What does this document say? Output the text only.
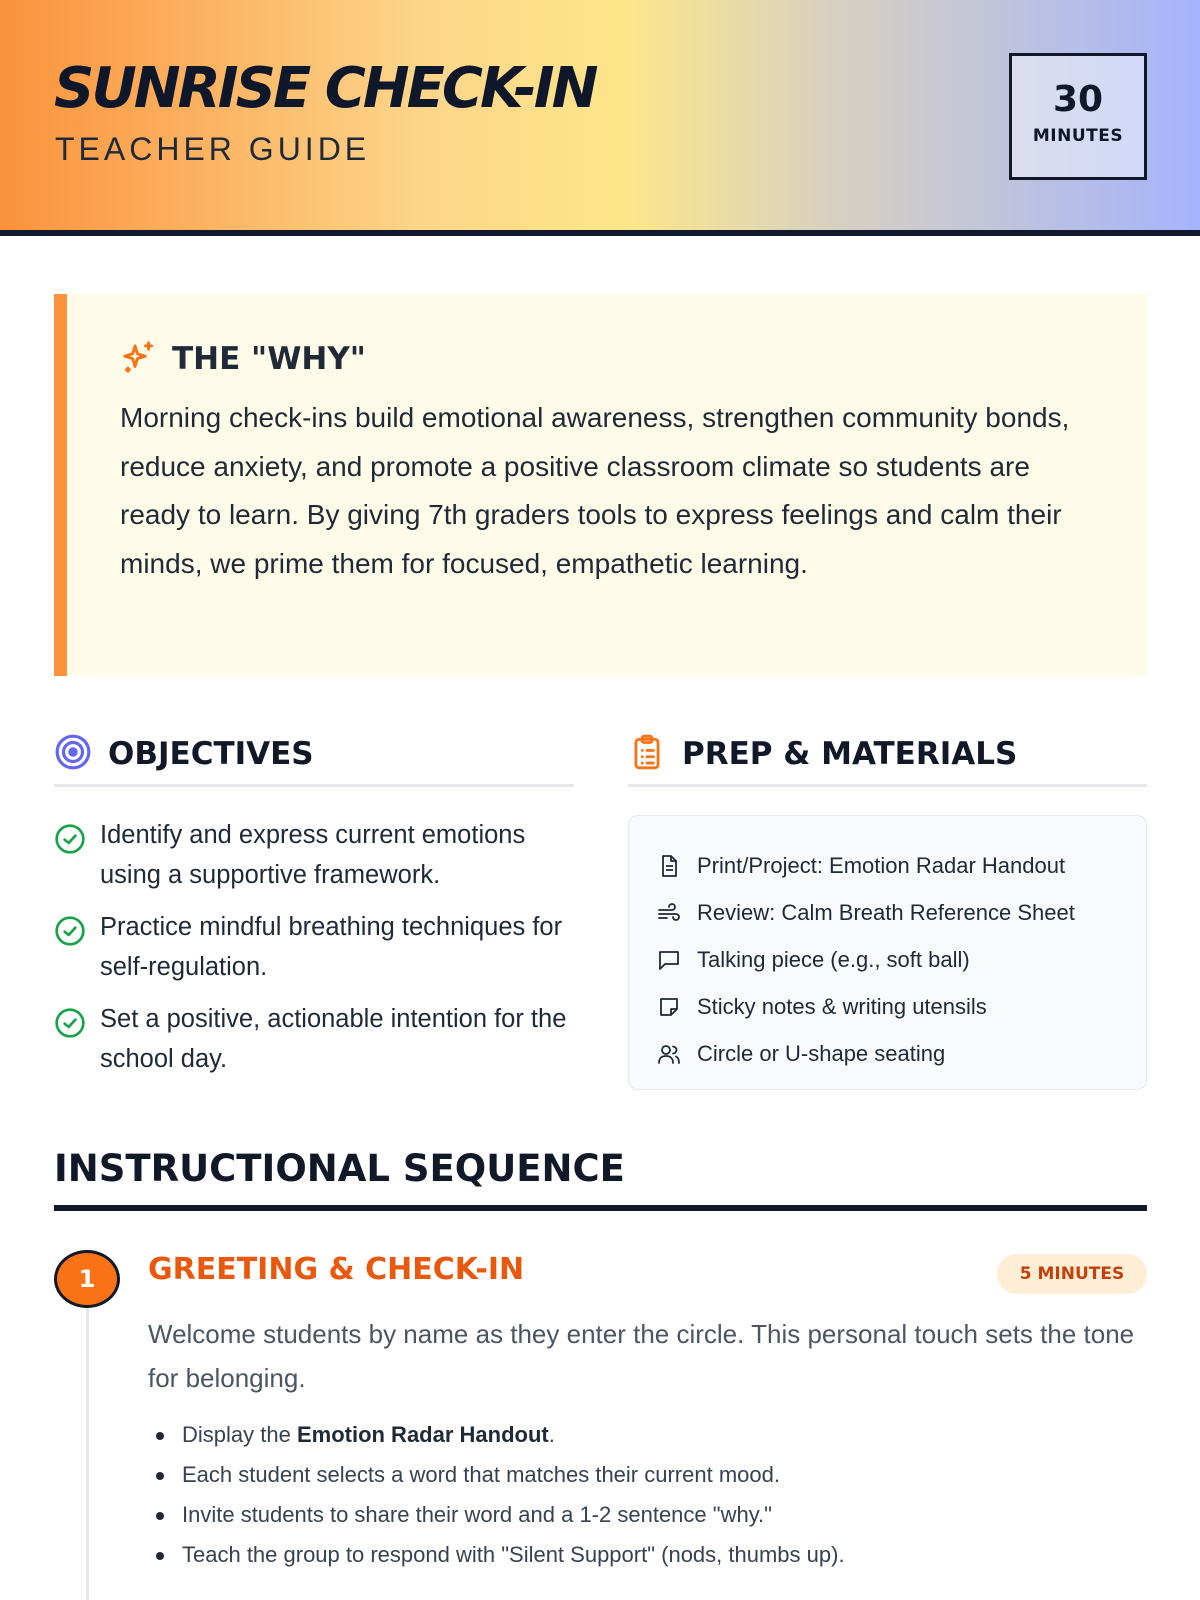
SUNRISE CHECK-IN
TEACHER GUIDE
30
MINUTES
THE "WHY"
Morning check-ins build emotional awareness, strengthen community bonds, reduce anxiety, and promote a positive classroom climate so students are ready to learn. By giving 7th graders tools to express feelings and calm their minds, we prime them for focused, empathetic learning.
OBJECTIVES
Identify and express current emotions using a supportive framework.
Practice mindful breathing techniques for self-regulation.
Set a positive, actionable intention for the school day.
PREP & MATERIALS
Print/Project: Emotion Radar Handout
Review: Calm Breath Reference Sheet
Talking piece (e.g., soft ball)
Sticky notes & writing utensils
Circle or U-shape seating
INSTRUCTIONAL SEQUENCE
1	GREETING & CHECK-IN	5 MINUTES
Welcome students by name as they enter the circle. This personal touch sets the tone for belonging.
Display the Emotion Radar Handout.
Each student selects a word that matches their current mood.
Invite students to share their word and a 1-2 sentence "why."
Teach the group to respond with "Silent Support" (nods, thumbs up).
